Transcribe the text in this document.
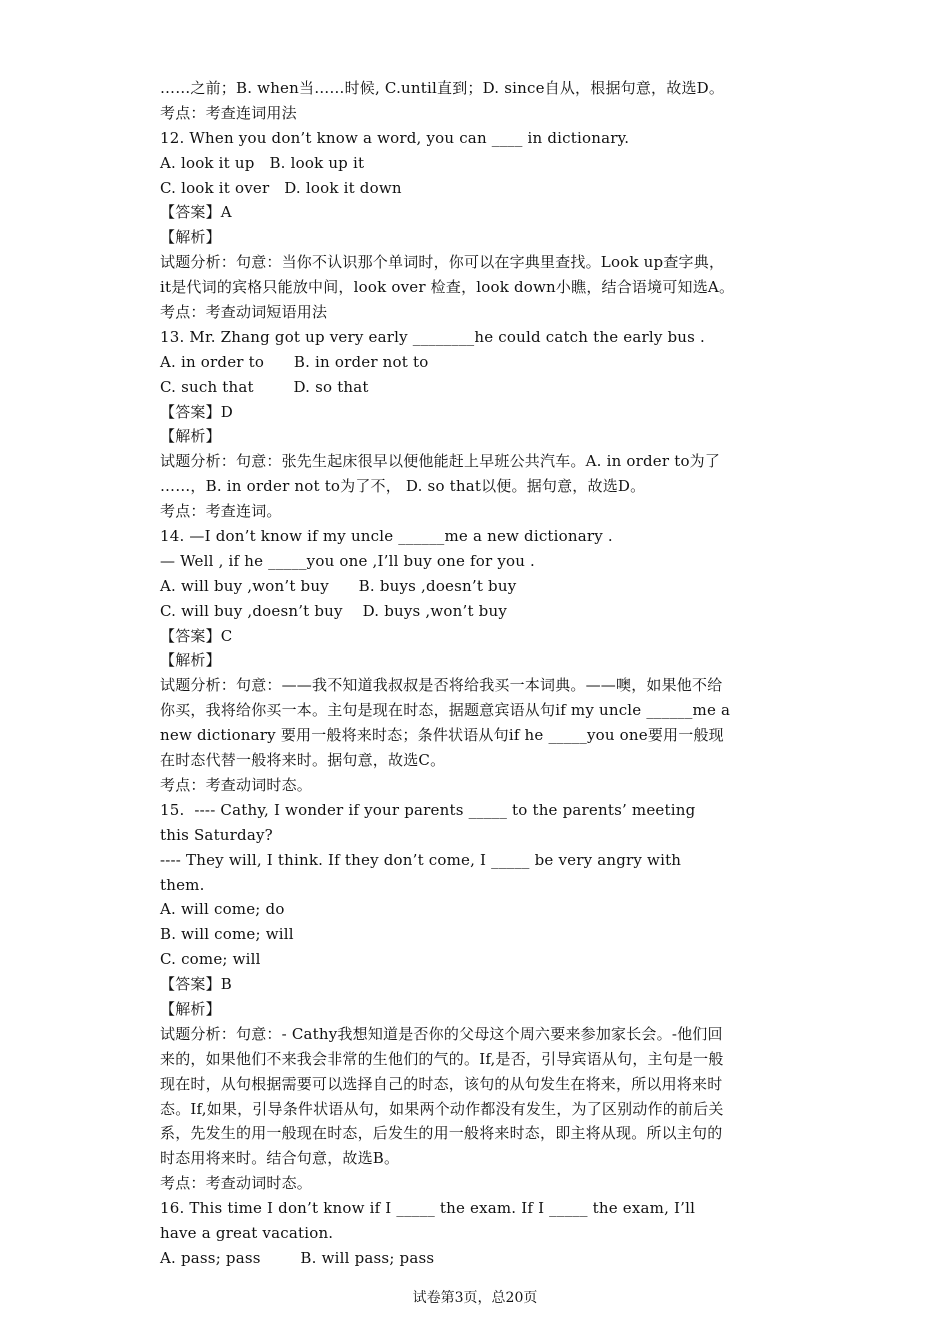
……之前；B. when当……时候, C.until直到；D. since自从，根据句意，故选D。
考点：考查连词用法
12. When you don’t know a word, you can ____ in dictionary.
A. look it up   B. look up it
C. look it over   D. look it down
【答案】A
【解析】
试题分析：句意：当你不认识那个单词时，你可以在字典里查找。Look up查字典，
it是代词的宾格只能放中间，look over 检查，look down小瞧，结合语境可知选A。
考点：考查动词短语用法
13. Mr. Zhang got up very early ________he could catch the early bus .
A. in order to      B. in order not to
C. such that        D. so that
【答案】D
【解析】
试题分析：句意：张先生起床很早以便他能赶上早班公共汽车。A. in order to为了
……，B. in order not to为了不， D. so that以便。据句意，故选D。
考点：考查连词。
14. —I don’t know if my uncle ______me a new dictionary .
— Well , if he _____you one ,I’ll buy one for you .
A. will buy ,won’t buy      B. buys ,doesn’t buy
C. will buy ,doesn’t buy    D. buys ,won’t buy
【答案】C
【解析】
试题分析：句意：——我不知道我叔叔是否将给我买一本词典。——噢，如果他不给
你买，我将给你买一本。主句是现在时态，据题意宾语从句if my uncle ______me a
new dictionary 要用一般将来时态；条件状语从句if he _____you one要用一般现
在时态代替一般将来时。据句意，故选C。
考点：考查动词时态。
15.  ---- Cathy, I wonder if your parents _____ to the parents’ meeting
this Saturday?
---- They will, I think. If they don’t come, I _____ be very angry with
them.
A. will come; do
B. will come; will
C. come; will
【答案】B
【解析】
试题分析：句意：- Cathy我想知道是否你的父母这个周六要来参加家长会。-他们回
来的，如果他们不来我会非常的生他们的气的。If,是否，引导宾语从句，主句是一般
现在时，从句根据需要可以选择自己的时态，该句的从句发生在将来，所以用将来时
态。If,如果，引导条件状语从句，如果两个动作都没有发生，为了区别动作的前后关
系，先发生的用一般现在时态，后发生的用一般将来时态，即主将从现。所以主句的
时态用将来时。结合句意，故选B。
考点：考查动词时态。
16. This time I don’t know if I _____ the exam. If I _____ the exam, I’ll
have a great vacation.
A. pass; pass        B. will pass; pass
试卷第3页，总20页
